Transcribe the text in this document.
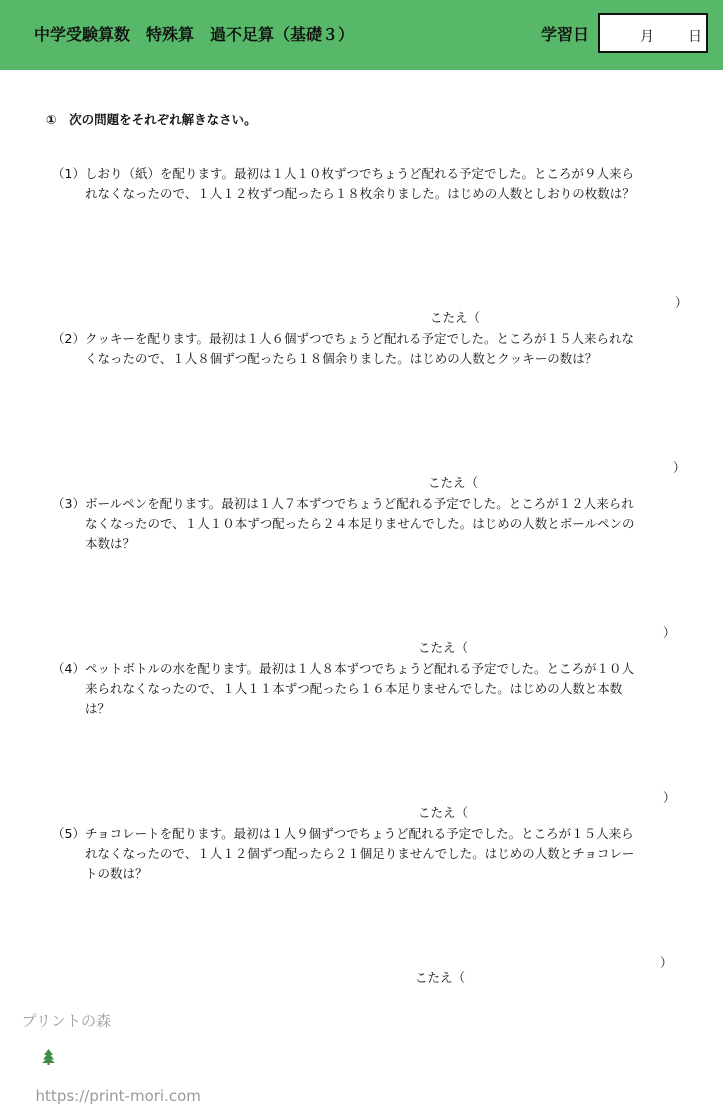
中学受験算数　特殊算　過不足算（基礎３）	学習日	月 日
①　次の問題をそれぞれ解きなさい。
（1） しおり（紙）を配ります。最初は１人１０枚ずつでちょうど配れる予定でした。ところが９人来ら
れなくなったので、１人１２枚ずつ配ったら１８枚余りました。はじめの人数としおりの枚数は？

こたえ（

）

（2） クッキーを配ります。最初は１人６個ずつでちょうど配れる予定でした。ところが１５人来られな
くなったので、１人８個ずつ配ったら１８個余りました。はじめの人数とクッキーの数は？

こたえ（

）

（3） ボールペンを配ります。最初は１人７本ずつでちょうど配れる予定でした。ところが１２人来られ
なくなったので、１人１０本ずつ配ったら２４本足りませんでした。はじめの人数とボールペンの
本数は？

こたえ（

）

（4） ペットボトルの水を配ります。最初は１人８本ずつでちょうど配れる予定でした。ところが１０人
来られなくなったので、１人１１本ずつ配ったら１６本足りませんでした。はじめの人数と本数
は？

こたえ（

）

（5） チョコレートを配ります。最初は１人９個ずつでちょうど配れる予定でした。ところが１５人来ら
れなくなったので、１人１２個ずつ配ったら２１個足りませんでした。はじめの人数とチョコレー
トの数は？

こたえ（

）

プリントの森

https://print-mori.com
